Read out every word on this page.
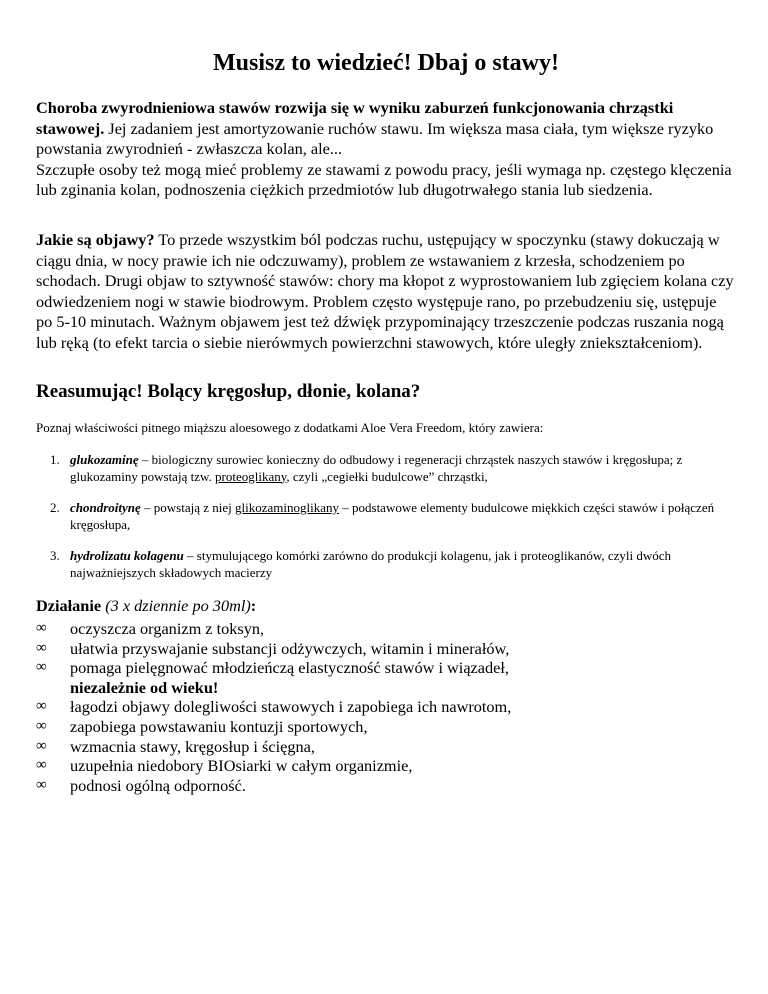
Musisz to wiedzieć! Dbaj o stawy!

Choroba zwyrodnieniowa stawów rozwija się w wyniku zaburzeń funkcjonowania chrząstki stawowej. Jej zadaniem jest amortyzowanie ruchów stawu. Im większa masa ciała, tym większe ryzyko powstania zwyrodnień - zwłaszcza kolan, ale...

Szczupłe osoby też mogą mieć problemy ze stawami z powodu pracy, jeśli wymaga np. częstego klęczenia lub zginania kolan, podnoszenia ciężkich przedmiotów lub długotrwałego stania lub siedzenia.

Jakie są objawy? To przede wszystkim ból podczas ruchu, ustępujący w spoczynku (stawy dokuczają w ciągu dnia, w nocy prawie ich nie odczuwamy), problem ze wstawaniem z krzesła, schodzeniem po schodach. Drugi objaw to sztywność stawów: chory ma kłopot z wyprostowaniem lub zgięciem kolana czy odwiedzeniem nogi w stawie biodrowym. Problem często występuje rano, po przebudzeniu się, ustępuje po 5-10 minutach. Ważnym objawem jest też dźwięk przypominający trzeszczenie podczas ruszania nogą lub ręką (to efekt tarcia o siebie nierówmych powierzchni stawowych, które uległy zniekształceniom).

Reasumując! Bolący kręgosłup, dłonie, kolana?

Poznaj właściwości pitnego miąższu aloesowego z dodatkami Aloe Vera Freedom, który zawiera:

1. glukozaminę – biologiczny surowiec konieczny do odbudowy i regeneracji chrząstek naszych stawów i kręgosłupa; z glukozaminy powstają tzw. proteoglikany, czyli „cegiełki budulcowe” chrząstki,
2. chondroitynę – powstają z niej glikozaminoglikany – podstawowe elementy budulcowe miękkich części stawów i połączeń kręgosłupa,
3. hydrolizatu kolagenu – stymulującego komórki zarówno do produkcji kolagenu, jak i proteoglikanów, czyli dwóch najważniejszych składowych macierzy

Działanie (3 x dziennie po 30ml):

∞ oczyszcza organizm z toksyn,
∞ ułatwia przyswajanie substancji odżywczych, witamin i minerałów,
∞ pomaga pielęgnować młodzieńczą elastyczność stawów i wiązadeł,
niezależnie od wieku!
∞ łagodzi objawy dolegliwości stawowych i zapobiega ich nawrotom,
∞ zapobiega powstawaniu kontuzji sportowych,
∞ wzmacnia stawy, kręgosłup i ścięgna,
∞ uzupełnia niedobory BIOsiarki w całym organizmie,
∞ podnosi ogólną odporność.
